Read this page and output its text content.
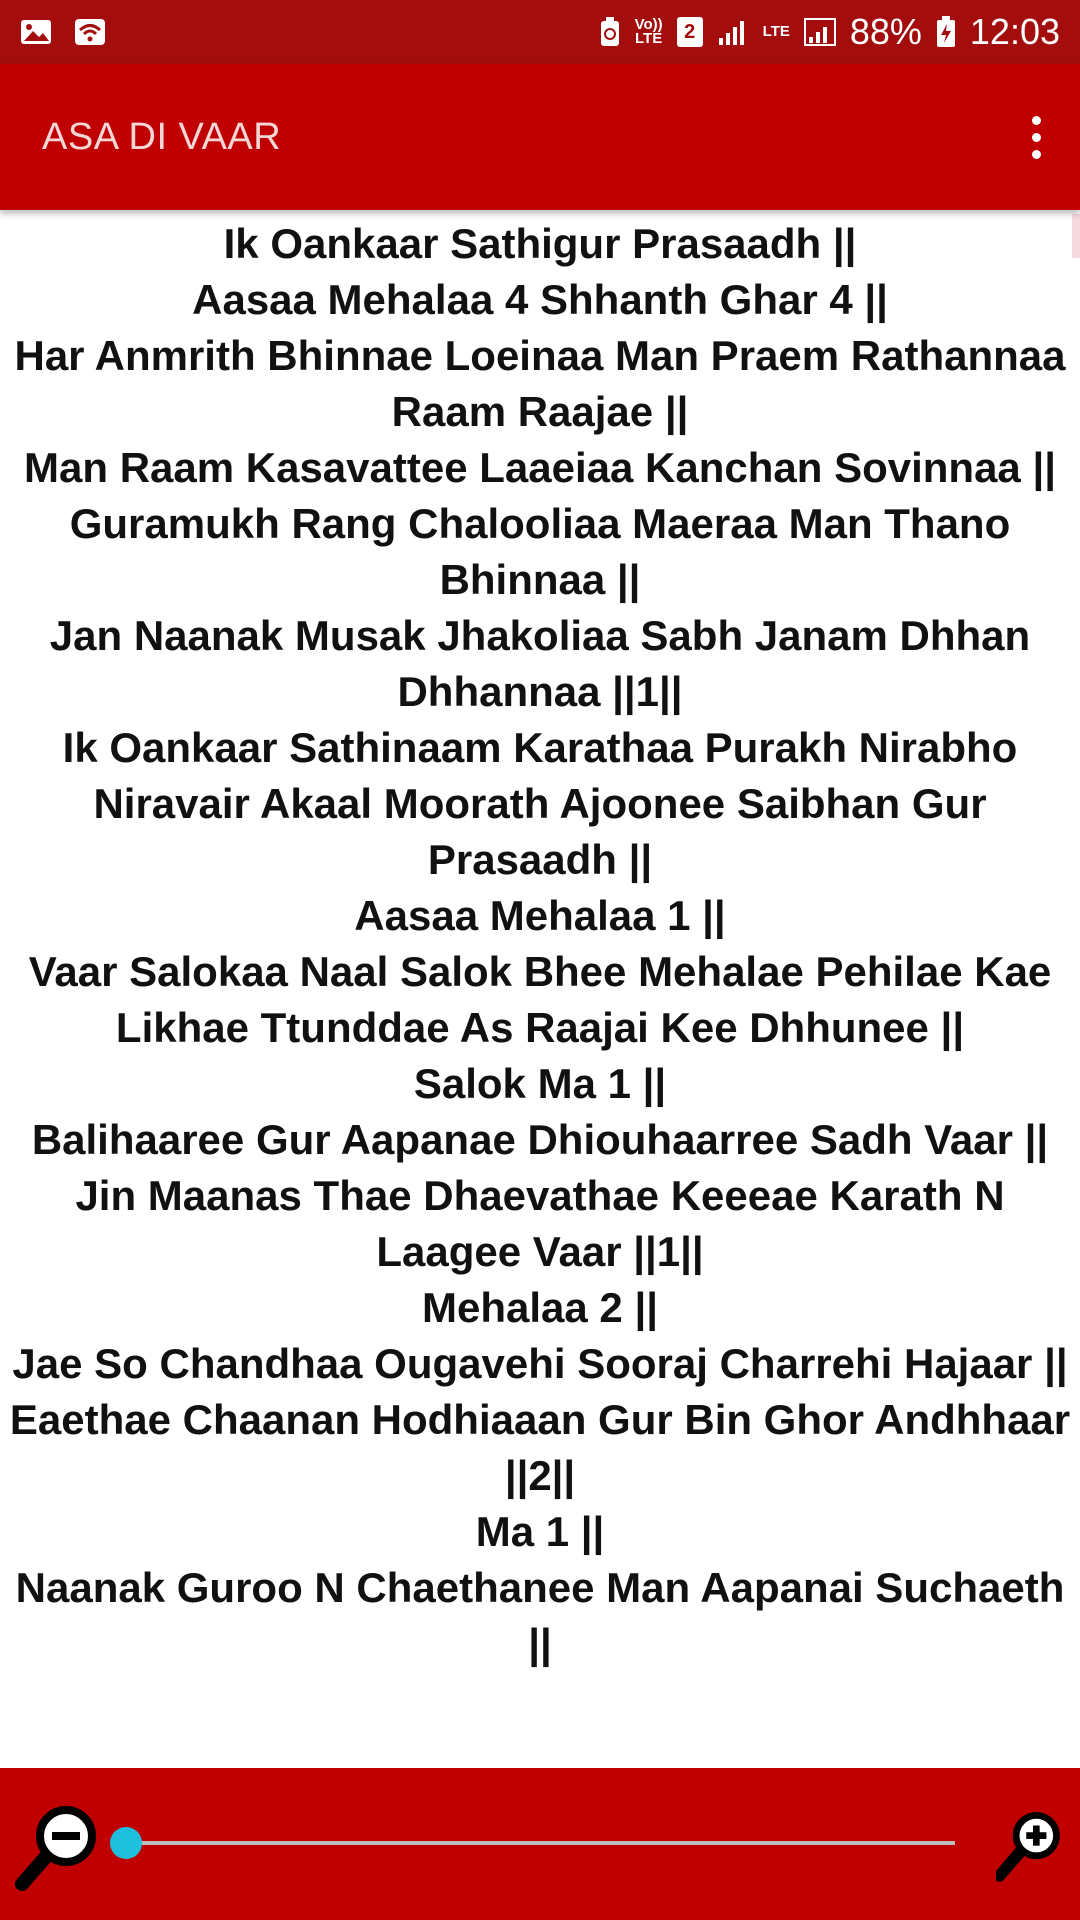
Vo))
LTE	2	LTE 88% 12:03
ASA DI VAAR

Ik Oankaar Sathigur Prasaadh ||

Aasaa Mehalaa 4 Shhanth Ghar 4 ||

Har Anmrith Bhinnae Loeinaa Man Praem Rathannaa Raam Raajae ||

Man Raam Kasavattee Laaeiaa Kanchan Sovinnaa ||

Guramukh Rang Chalooliaa Maeraa Man Thano Bhinnaa ||

Jan Naanak Musak Jhakoliaa Sabh Janam Dhhan Dhhannaa ||1||

Ik Oankaar Sathinaam Karathaa Purakh Nirabho Niravair Akaal Moorath Ajoonee Saibhan Gur Prasaadh ||

Aasaa Mehalaa 1 ||

Vaar Salokaa Naal Salok Bhee Mehalae Pehilae Kae Likhae Ttunddae As Raajai Kee Dhhunee ||

Salok Ma 1 ||

Balihaaree Gur Aapanae Dhiouhaarree Sadh Vaar ||

Jin Maanas Thae Dhaevathae Keeeae Karath N Laagee Vaar ||1||

Mehalaa 2 ||

Jae So Chandhaa Ougavehi Sooraj Charrehi Hajaar ||

Eaethae Chaanan Hodhiaaan Gur Bin Ghor Andhhaar ||2||

Ma 1 ||

Naanak Guroo N Chaethanee Man Aapanai Suchaeth ||
